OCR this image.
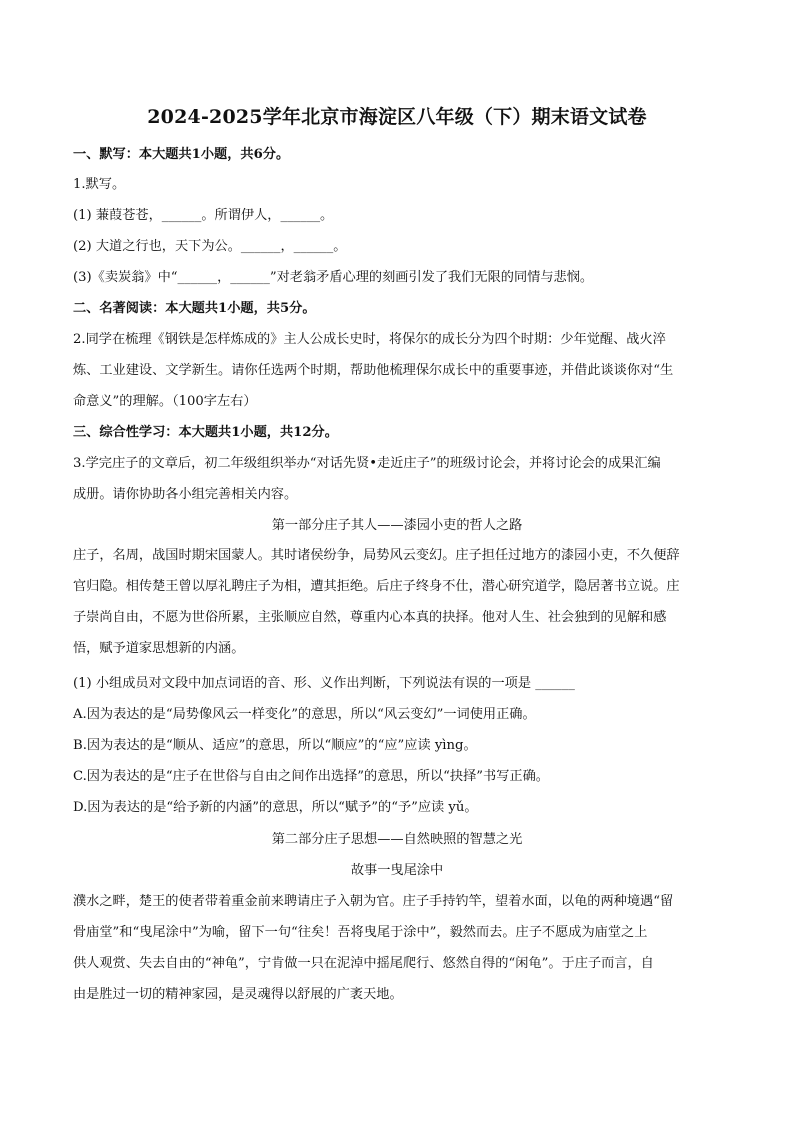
2024-2025学年北京市海淀区八年级（下）期末语文试卷
一、默写：本大题共1小题，共6分。
1.默写。
(1) 蒹葭苍苍，______。所谓伊人，______。
(2) 大道之行也，天下为公。______，______。
(3)《卖炭翁》中“______，______”对老翁矛盾心理的刻画引发了我们无限的同情与悲悯。
二、名著阅读：本大题共1小题，共5分。
2.同学在梳理《钢铁是怎样炼成的》主人公成长史时，将保尔的成长分为四个时期：少年觉醒、战火淬
炼、工业建设、文学新生。请你任选两个时期，帮助他梳理保尔成长中的重要事迹，并借此谈谈你对“生
命意义”的理解。（100字左右）
三、综合性学习：本大题共1小题，共12分。
3.学完庄子的文章后，初二年级组织举办“对话先贤•走近庄子”的班级讨论会，并将讨论会的成果汇编
成册。请你协助各小组完善相关内容。
第一部分庄子其人——漆园小吏的哲人之路
庄子，名周，战国时期宋国蒙人。其时诸侯纷争，局势风云变幻。庄子担任过地方的漆园小吏，不久便辞
官归隐。相传楚王曾以厚礼聘庄子为相，遭其拒绝。后庄子终身不仕，潜心研究道学，隐居著书立说。庄
子崇尚自由，不愿为世俗所累，主张顺应自然，尊重内心本真的抉择。他对人生、社会独到的见解和感
悟，赋予道家思想新的内涵。
(1) 小组成员对文段中加点词语的音、形、义作出判断，下列说法有误的一项是 ______
A.因为表达的是“局势像风云一样变化”的意思，所以“风云变幻”一词使用正确。
B.因为表达的是“顺从、适应”的意思，所以“顺应”的“应”应读 yìng。
C.因为表达的是“庄子在世俗与自由之间作出选择”的意思，所以“抉择”书写正确。
D.因为表达的是“给予新的内涵”的意思，所以“赋予”的“予”应读 yǔ。
第二部分庄子思想——自然映照的智慧之光
故事一曳尾涂中
濮水之畔，楚王的使者带着重金前来聘请庄子入朝为官。庄子手持钓竿，望着水面，以龟的两种境遇“留
骨庙堂”和“曳尾涂中”为喻，留下一句“往矣！吾将曳尾于涂中”，毅然而去。庄子不愿成为庙堂之上
供人观赏、失去自由的“神龟”，宁肯做一只在泥淖中摇尾爬行、悠然自得的“闲龟”。于庄子而言，自
由是胜过一切的精神家园，是灵魂得以舒展的广袤天地。
